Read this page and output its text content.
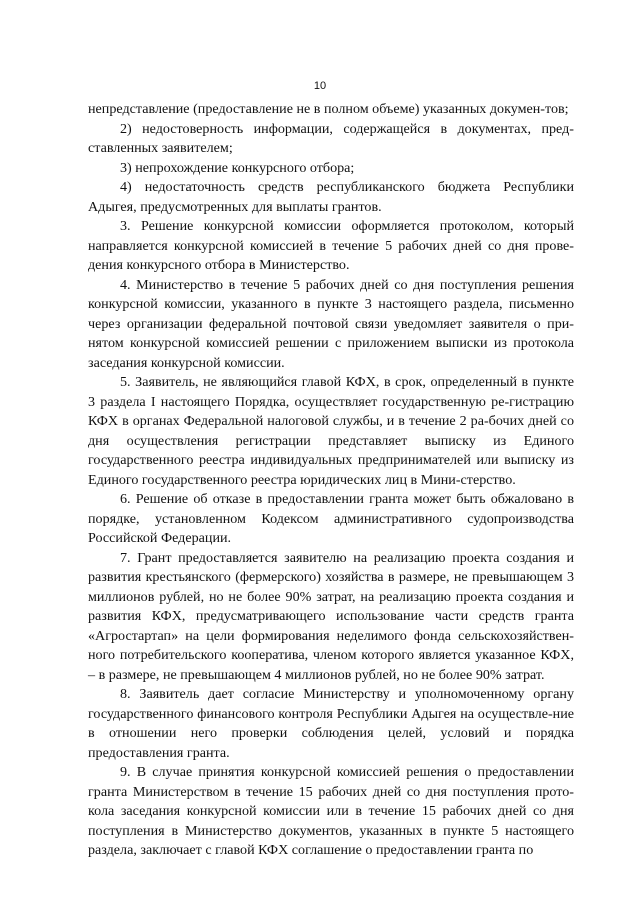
10

непредставление (предоставление не в полном объеме) указанных докумен-тов;

2) недостоверность информации, содержащейся в документах, пред-ставленных заявителем;

3) непрохождение конкурсного отбора;

4) недостаточность средств республиканского бюджета Республики Адыгея, предусмотренных для выплаты грантов.

3. Решение конкурсной комиссии оформляется протоколом, который направляется конкурсной комиссией в течение 5 рабочих дней со дня прове-дения конкурсного отбора в Министерство.

4. Министерство в течение 5 рабочих дней со дня поступления решения конкурсной комиссии, указанного в пункте 3 настоящего раздела, письменно через организации федеральной почтовой связи уведомляет заявителя о при-нятом конкурсной комиссией решении с приложением выписки из протокола заседания конкурсной комиссии.

5. Заявитель, не являющийся главой КФХ, в срок, определенный в пункте 3 раздела I настоящего Порядка, осуществляет государственную ре-гистрацию КФХ в органах Федеральной налоговой службы, и в течение 2 ра-бочих дней со дня осуществления регистрации представляет выписку из Единого государственного реестра индивидуальных предпринимателей или выписку из Единого государственного реестра юридических лиц в Мини-стерство.

6. Решение об отказе в предоставлении гранта может быть обжаловано в порядке, установленном Кодексом административного судопроизводства Российской Федерации.

7. Грант предоставляется заявителю на реализацию проекта создания и развития крестьянского (фермерского) хозяйства в размере, не превышающем 3 миллионов рублей, но не более 90% затрат, на реализацию проекта создания и развития КФХ, предусматривающего использование части средств гранта «Агростартап» на цели формирования неделимого фонда сельскохозяйствен-ного потребительского кооператива, членом которого является указанное КФХ, – в размере, не превышающем 4 миллионов рублей, но не более 90% затрат.

8. Заявитель дает согласие Министерству и уполномоченному органу государственного финансового контроля Республики Адыгея на осуществле-ние в отношении него проверки соблюдения целей, условий и порядка предоставления гранта.

9. В случае принятия конкурсной комиссией решения о предоставлении гранта Министерством в течение 15 рабочих дней со дня поступления прото-кола заседания конкурсной комиссии или в течение 15 рабочих дней со дня поступления в Министерство документов, указанных в пункте 5 настоящего раздела, заключает с главой КФХ соглашение о предоставлении гранта по
